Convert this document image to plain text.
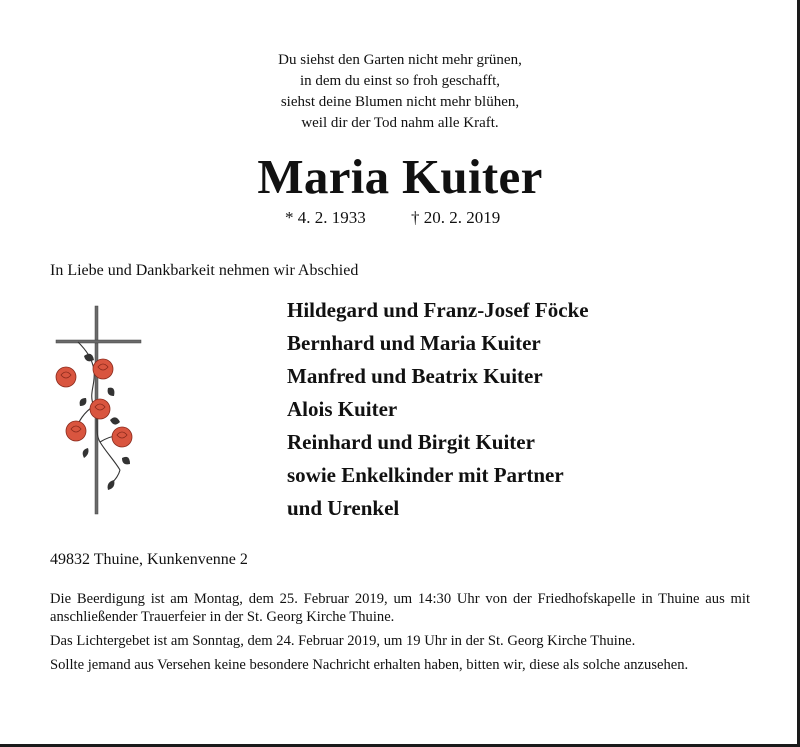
Du siehst den Garten nicht mehr grünen,
in dem du einst so froh geschafft,
siehst deine Blumen nicht mehr blühen,
weil dir der Tod nahm alle Kraft.
Maria Kuiter
* 4. 2. 1933	† 20. 2. 2019
In Liebe und Dankbarkeit nehmen wir Abschied
Hildegard und Franz-Josef Föcke
Bernhard und Maria Kuiter
Manfred und Beatrix Kuiter
Alois Kuiter
Reinhard und Birgit Kuiter
sowie Enkelkinder mit Partner
und Urenkel
49832 Thuine, Kunkenvenne 2

Die Beerdigung ist am Montag, dem 25. Februar 2019, um 14:30 Uhr von der Friedhofskapelle in Thuine aus mit anschließender Trauerfeier in der St. Georg Kirche Thuine.

Das Lichtergebet ist am Sonntag, dem 24. Februar 2019, um 19 Uhr in der St. Georg Kirche Thuine.

Sollte jemand aus Versehen keine besondere Nachricht erhalten haben, bitten wir, diese als solche anzusehen.
